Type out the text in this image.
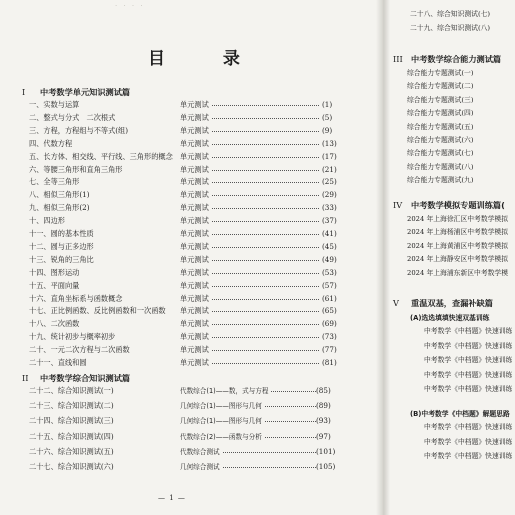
· · · ·
目 录
I 中考数学单元知识测试篇
一、实数与运算	单元测试	(1)
二、整式与分式　二次根式	单元测试	(5)
三、方程，方程组与不等式(组)	单元测试	(9)
四、代数方程	单元测试	(13)
五、长方体、相交线、平行线、三角形的概念 单元测试	(17)
六、等腰三角形和直角三角形	单元测试	(21)
七、全等三角形	单元测试	(25)
八、相似三角形(1)	单元测试	(29)
九、相似三角形(2)	单元测试	(33)
十、四边形	单元测试	(37)
十一、圆的基本性质	单元测试	(41)
十二、圆与正多边形	单元测试	(45)
十三、锐角的三角比	单元测试	(49)
十四、图形运动	单元测试	(53)
十五、平面向量	单元测试	(57)
十六、直角坐标系与函数概念	单元测试	(61)
十七、正比例函数、反比例函数和一次函数 单元测试	(65)
十八、二次函数	单元测试	(69)
十九、统计初步与概率初步	单元测试	(73)
二十、一元二次方程与二次函数	单元测试	(77)
二十一、直线和圆	单元测试	(81)
II 中考数学综合知识测试篇
二十二、综合知识测试(一)	代数综合(1)——数，式与方程	(85)
二十三、综合知识测试(二)	几何综合(1)——图形与几何	(89)
二十四、综合知识测试(三)	几何综合(1)——图形与几何	(93)
二十五、综合知识测试(四)	代数综合(2)——函数与分析	(97)
二十六、综合知识测试(五)	代数综合测试	(101)
二十七、综合知识测试(六)	几何综合测试	(105)
— 1 —
二十八、综合知识测试(七)
二十九、综合知识测试(八)
III 中考数学综合能力测试篇
综合能力专题测试(一)
综合能力专题测试(二)
综合能力专题测试(三)
综合能力专题测试(四)
综合能力专题测试(五)
综合能力专题测试(六)
综合能力专题测试(七)
综合能力专题测试(八)
综合能力专题测试(九)
IV 中考数学模拟专题训练篇(
2024 年上海徐汇区中考数学模拟
2024 年上海杨浦区中考数学模拟
2024 年上海黄浦区中考数学模拟
2024 年上海静安区中考数学模拟
2024 年上海浦东新区中考数学模
V 重温双基，查漏补缺篇
(A)选选填填快速双基训练
中考数学《中档题》快速训练
中考数学《中档题》快速训练
中考数学《中档题》快速训练
中考数学《中档题》快速训练
中考数学《中档题》快速训练
(B)中考数学《中档题》解题思路
中考数学《中档题》快速训练
中考数学《中档题》快速训练
中考数学《中档题》快速训练
